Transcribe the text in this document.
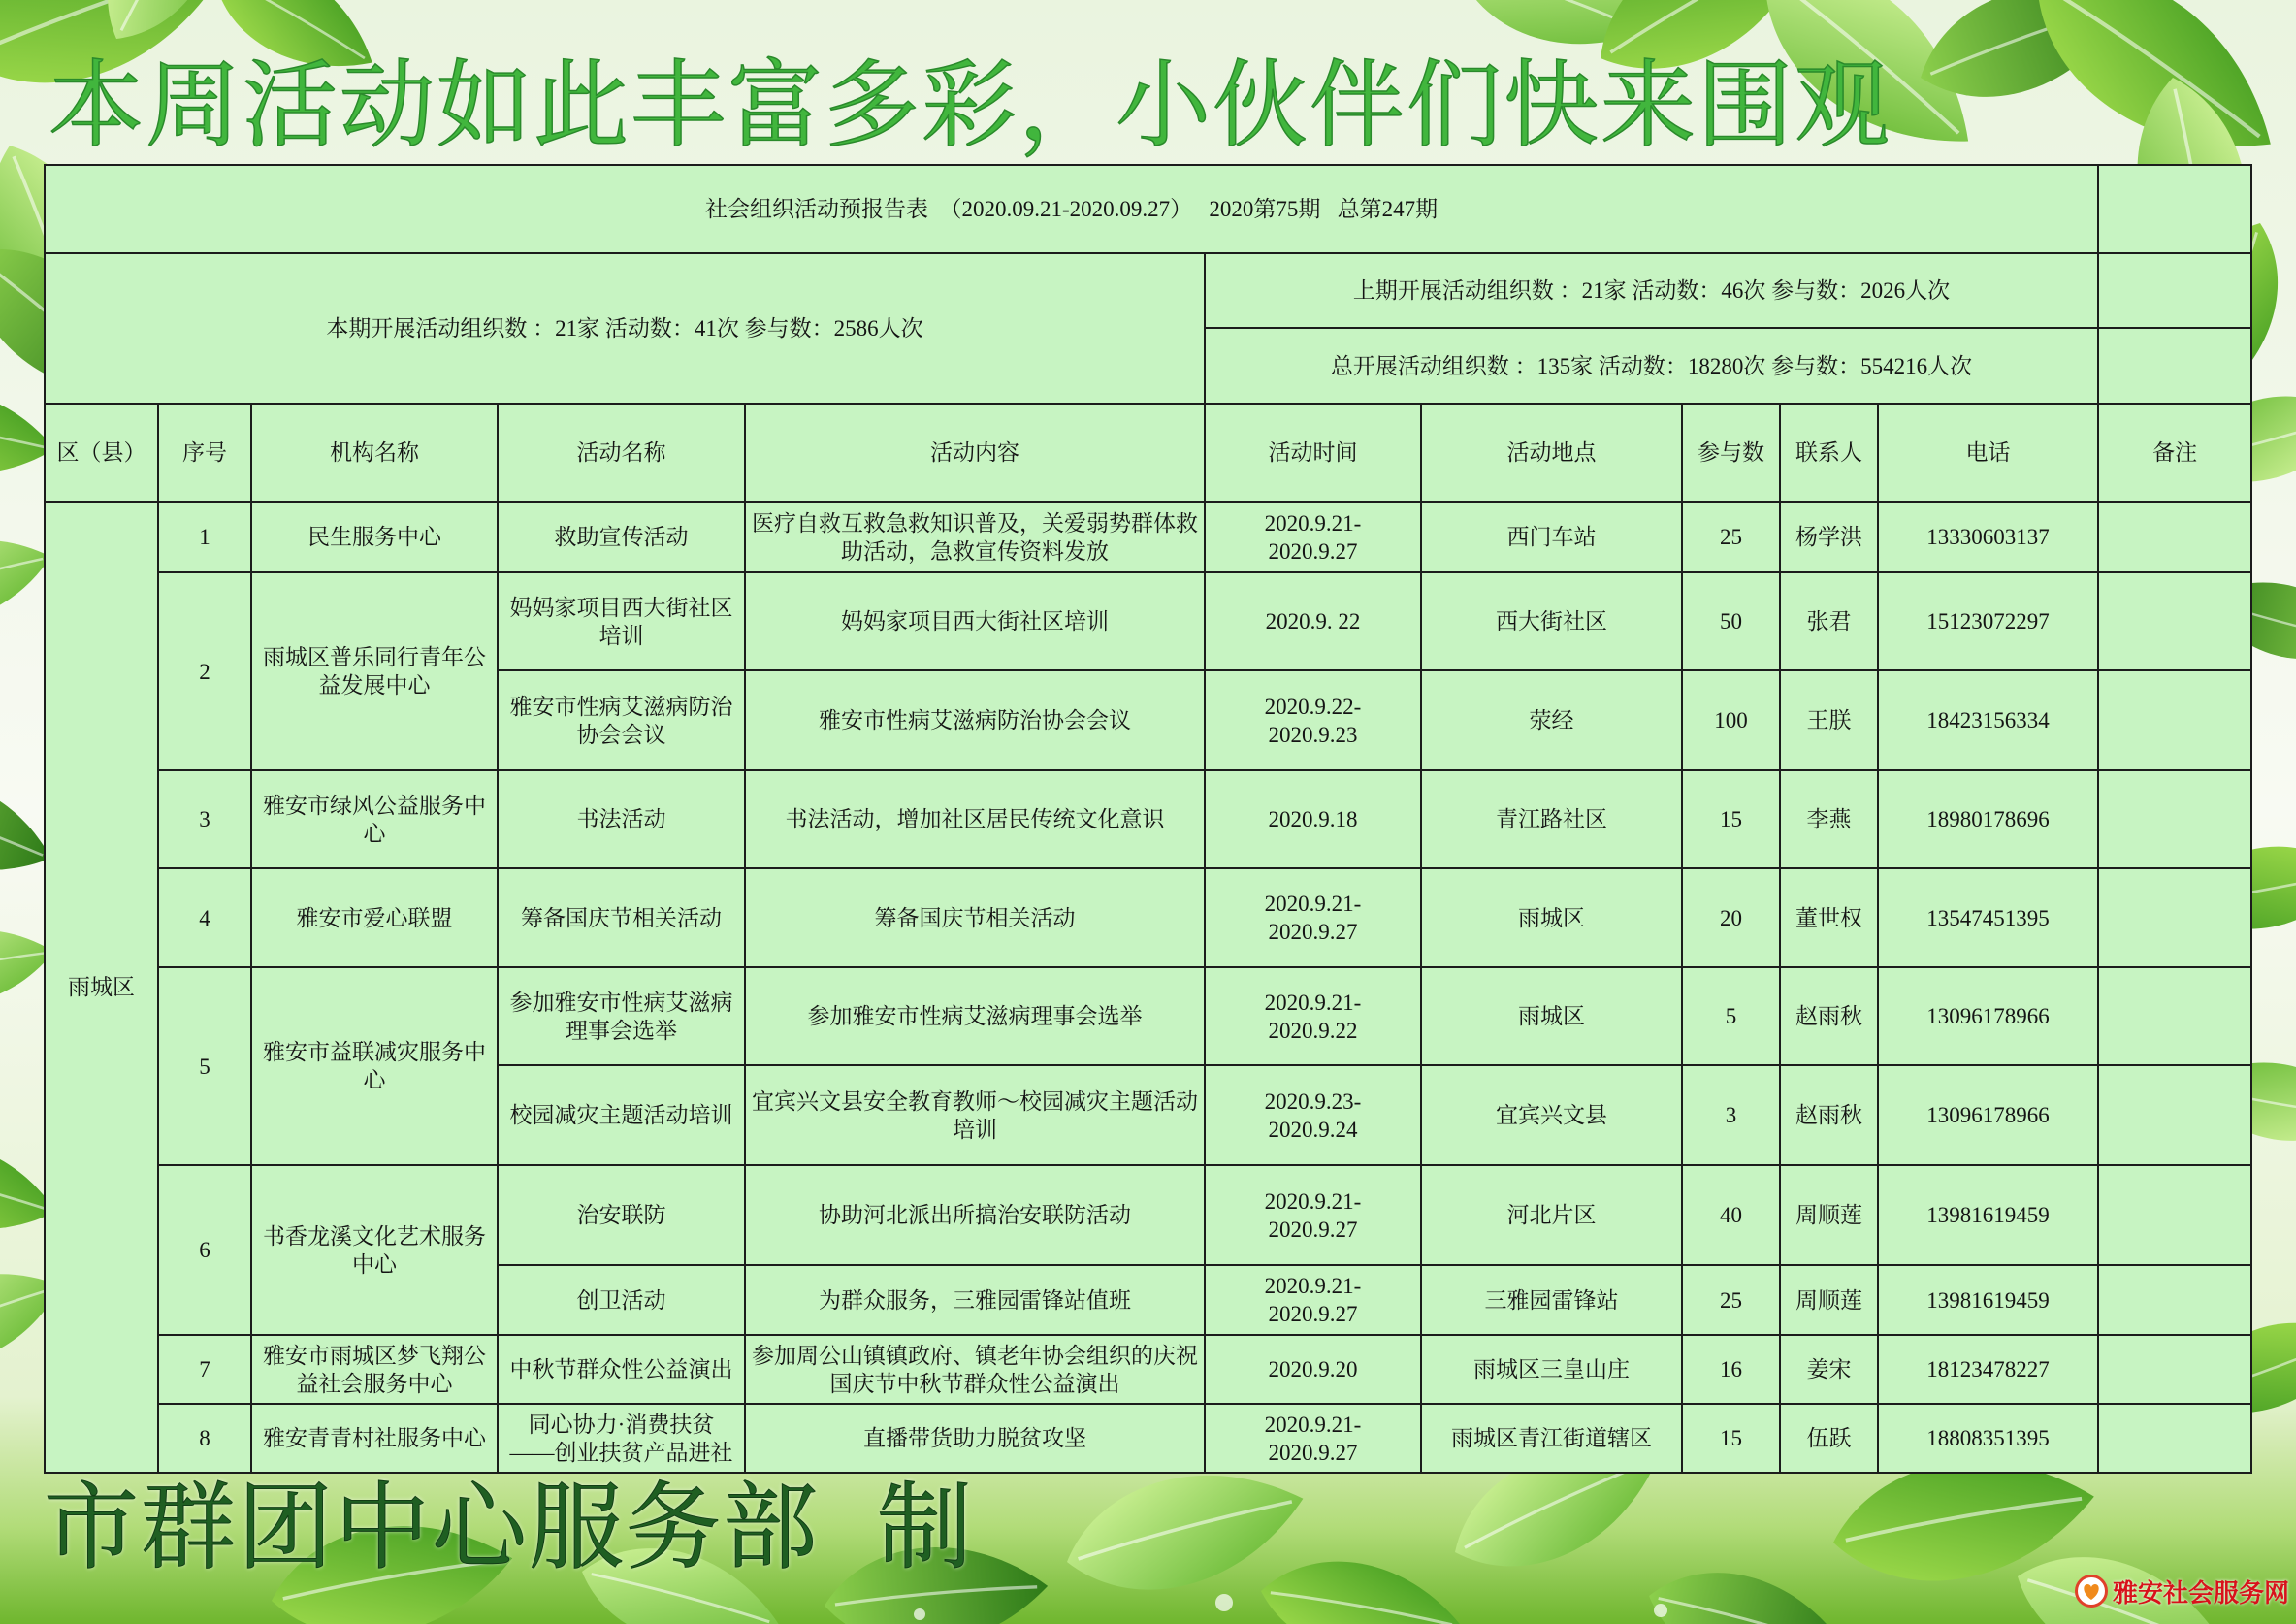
本周活动如此丰富多彩，小伙伴们快来围观
社会组织活动预报告表  （2020.09.21-2020.09.27）   2020第75期   总第247期										
本期开展活动组织数 ：21家 活动数：41次 参与数：2586人次					上期开展活动组织数 ：21家 活动数：46次 参与数：2026人次					
					总开展活动组织数 ：135家 活动数：18280次 参与数：554216人次					
区（县）	序号	机构名称	活动名称	活动内容	活动时间	活动地点	参与数	联系人	电话	备注
雨城区	1	民生服务中心	救助宣传活动	医疗自救互救急救知识普及，关爱弱势群体救助活动，急救宣传资料发放	2020.9.21-
2020.9.27	西门车站	25	杨学洪	13330603137	
	2	雨城区普乐同行青年公益发展中心	妈妈家项目西大街社区培训	妈妈家项目西大街社区培训	2020.9. 22	西大街社区	50	张君	15123072297	
			雅安市性病艾滋病防治协会会议	雅安市性病艾滋病防治协会会议	2020.9.22-
2020.9.23	荥经	100	王朕	18423156334	
	3	雅安市绿风公益服务中心	书法活动	书法活动，增加社区居民传统文化意识	2020.9.18	青江路社区	15	李燕	18980178696	
	4	雅安市爱心联盟	筹备国庆节相关活动	筹备国庆节相关活动	2020.9.21-
2020.9.27	雨城区	20	董世权	13547451395	
	5	雅安市益联减灾服务中心	参加雅安市性病艾滋病理事会选举	参加雅安市性病艾滋病理事会选举	2020.9.21-
2020.9.22	雨城区	5	赵雨秋	13096178966	
			校园减灾主题活动培训	宜宾兴文县安全教育教师～校园减灾主题活动培训	2020.9.23-
2020.9.24	宜宾兴文县	3	赵雨秋	13096178966	
	6	书香龙溪文化艺术服务中心	治安联防	协助河北派出所搞治安联防活动	2020.9.21-
2020.9.27	河北片区	40	周顺莲	13981619459	
			创卫活动	为群众服务，三雅园雷锋站值班	2020.9.21-
2020.9.27	三雅园雷锋站	25	周顺莲	13981619459	
	7	雅安市雨城区梦飞翔公益社会服务中心	中秋节群众性公益演出	参加周公山镇镇政府、镇老年协会组织的庆祝国庆节中秋节群众性公益演出	2020.9.20	雨城区三皇山庄	16	姜宋	18123478227	
	8	雅安青青村社服务中心	同心协力·消费扶贫
——创业扶贫产品进社	直播带货助力脱贫攻坚	2020.9.21-
2020.9.27	雨城区青江街道辖区	15	伍跃	18808351395	
市群团中心服务部 制
雅安社会服务网
